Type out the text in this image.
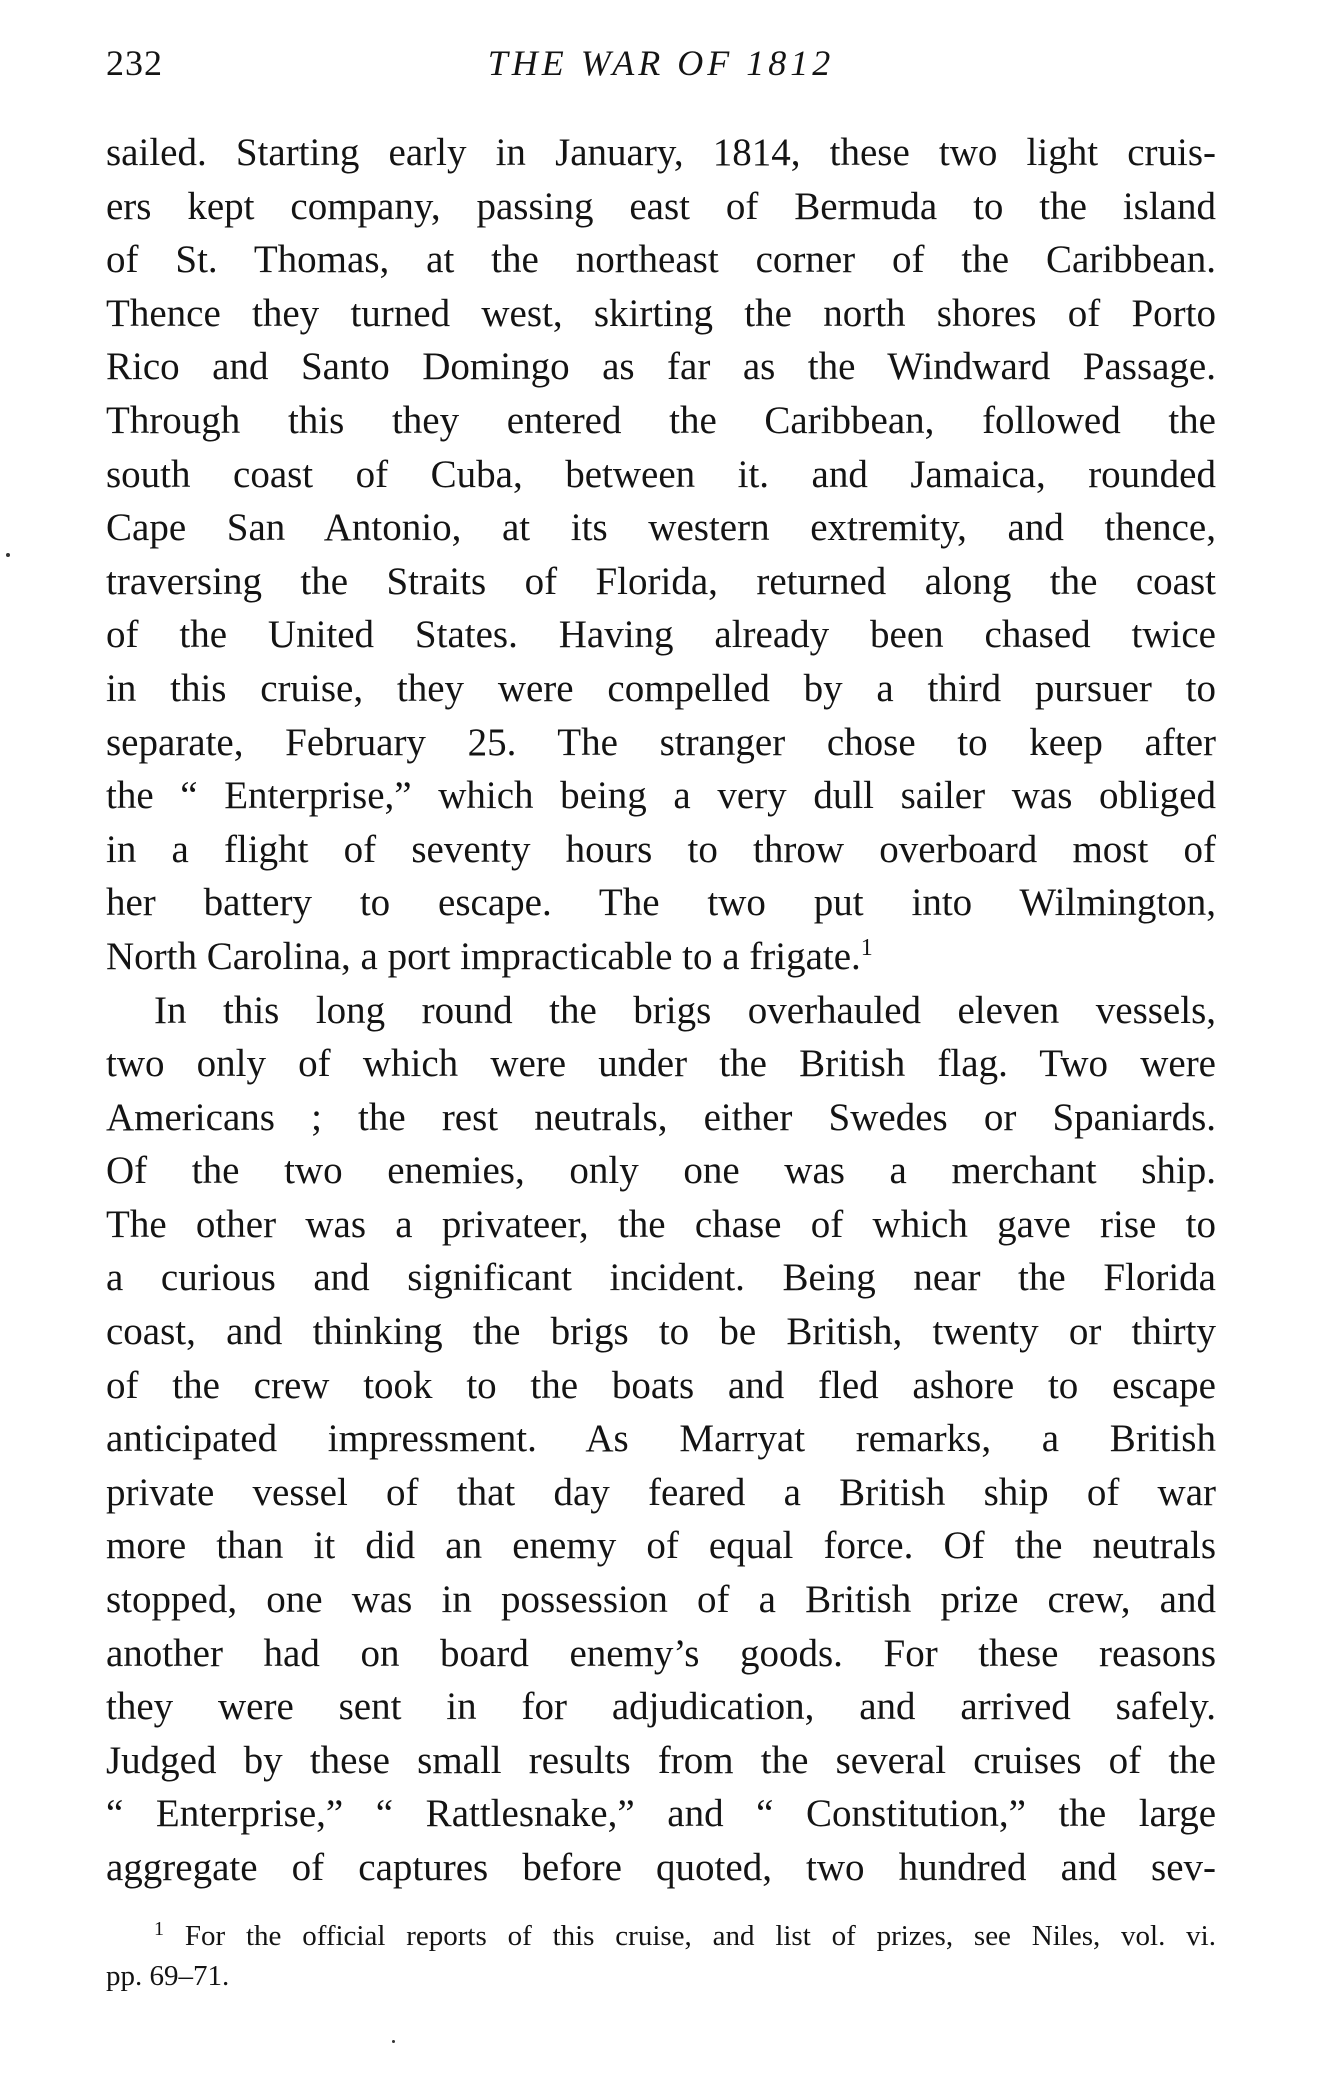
232	THE WAR OF 1812
sailed. Starting early in January, 1814, these two light cruis-
ers kept company, passing east of Bermuda to the island
of St. Thomas, at the northeast corner of the Caribbean.
Thence they turned west, skirting the north shores of Porto
Rico and Santo Domingo as far as the Windward Passage.
Through this they entered the Caribbean, followed the
south coast of Cuba, between it. and Jamaica, rounded
Cape San Antonio, at its western extremity, and thence,
traversing the Straits of Florida, returned along the coast
of the United States. Having already been chased twice
in this cruise, they were compelled by a third pursuer to
separate, February 25. The stranger chose to keep after
the “ Enterprise,” which being a very dull sailer was obliged
in a flight of seventy hours to throw overboard most of
her battery to escape. The two put into Wilmington,
North Carolina, a port impracticable to a frigate.$^1$
In this long round the brigs overhauled eleven vessels,
two only of which were under the British flag. Two were
Americans ; the rest neutrals, either Swedes or Spaniards.
Of the two enemies, only one was a merchant ship.
The other was a privateer, the chase of which gave rise to
a curious and significant incident. Being near the Florida
coast, and thinking the brigs to be British, twenty or thirty
of the crew took to the boats and fled ashore to escape
anticipated impressment. As Marryat remarks, a British
private vessel of that day feared a British ship of war
more than it did an enemy of equal force. Of the neutrals
stopped, one was in possession of a British prize crew, and
another had on board enemy’s goods. For these reasons
they were sent in for adjudication, and arrived safely.
Judged by these small results from the several cruises of the
“ Enterprise,” “ Rattlesnake,” and “ Constitution,” the large
aggregate of captures before quoted, two hundred and sev-
$^1$ For the official reports of this cruise, and list of prizes, see Niles, vol. vi.
pp. 69–71.
